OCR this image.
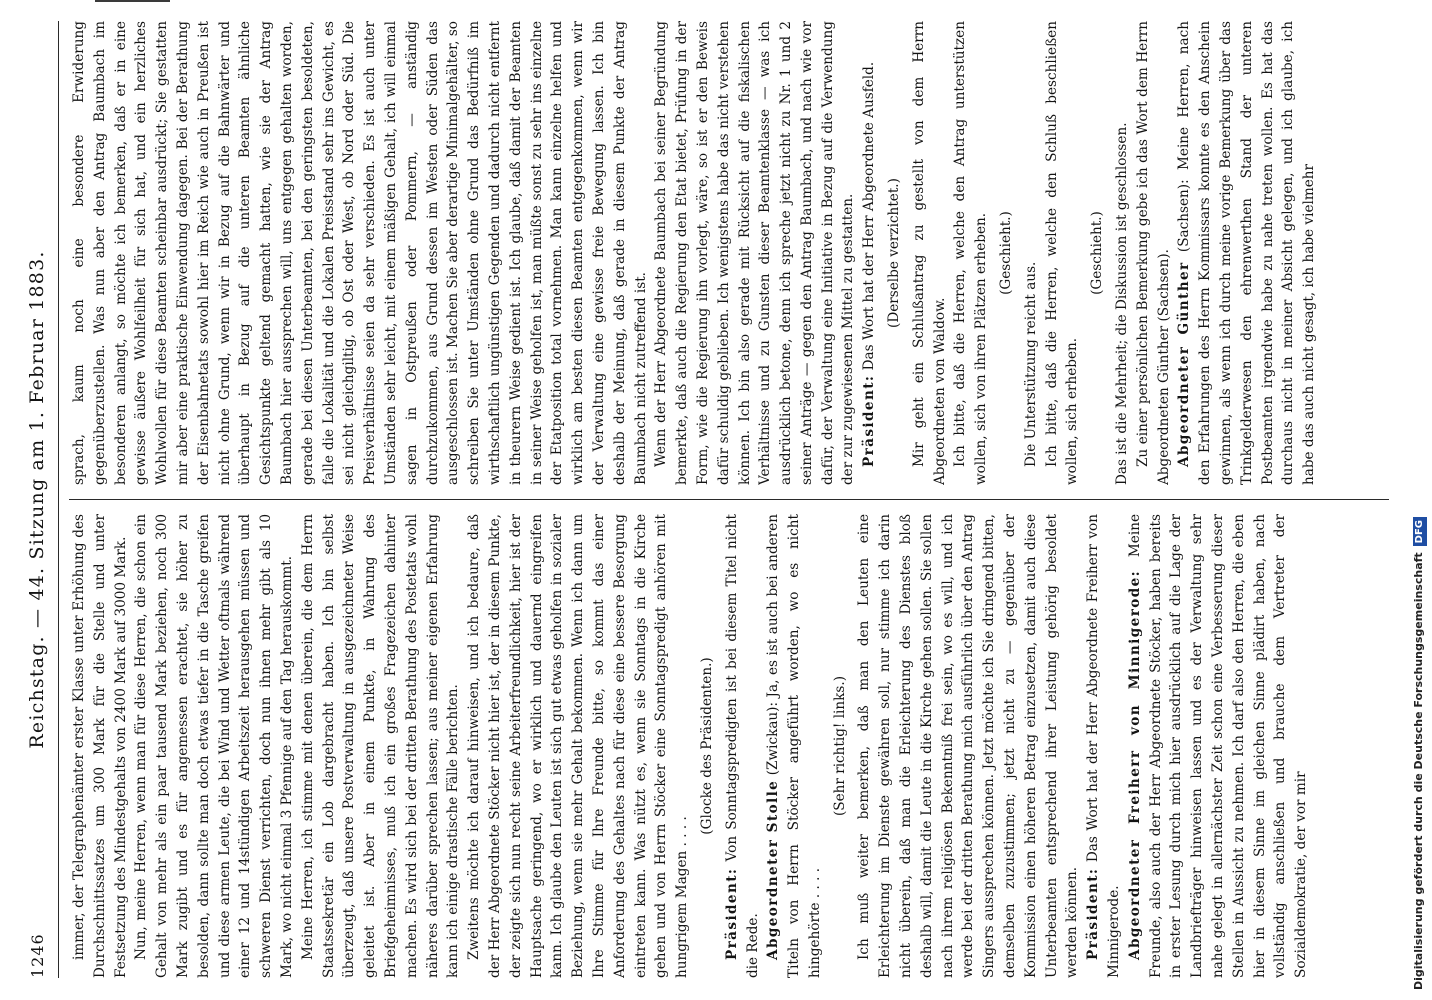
1246
Reichstag. — 44. Sitzung am 1. Februar 1883. immer, der Telegraphenämter erster Klasse unter Erhöhung des Durchschnittssatzes um 300 Mark für die Stelle und unter Festsetzung des Mindestgehalts von 2400 Mark auf 3000 Mark. Nun, meine Herren, wenn man für diese Herren, die schon ein Gehalt von mehr als ein paar tausend Mark beziehen, noch 300 Mark zugibt und es für angemessen erachtet, sie höher zu besolden, dann sollte man doch etwas tiefer in die Tasche greifen und diese armen Leute, die bei Wind und Wetter oftmals während einer 12 und 14stündigen Arbeitszeit herausgehen müssen und schweren Dienst verrichten, doch nun ihnen mehr gibt als 10 Mark, wo nicht einmal 3 Pfennige auf den Tag herauskommt. Meine Herren, ich stimme mit denen überein, die dem Herrn Staatssekretär ein Lob dargebracht haben. Ich bin selbst überzeugt, daß unsere Postverwaltung in ausgezeichneter Weise geleitet ist. Aber in einem Punkte, in Wahrung des Briefgeheimnisses, muß ich ein großes Fragezeichen dahinter machen. Es wird sich bei der dritten Berathung des Postetats wohl näheres darüber sprechen lassen; aus meiner eigenen Erfahrung kann ich einige drastische Fälle berichten. Zweitens möchte ich darauf hinweisen, und ich bedaure, daß der Herr Abgeordnete Stöcker nicht hier ist, der in diesem Punkte, der zeigte sich nun recht seine Arbeiterfreundlichkeit, hier ist der Hauptsache geringend, wo er wirklich und dauernd eingreifen kann. Ich glaube den Leuten ist sich gut etwas geholfen in sozialer Beziehung, wenn sie mehr Gehalt bekommen. Wenn ich dann um Ihre Stimme für Ihre Freunde bitte, so kommt das einer Anforderung des Gehaltes nach für diese eine bessere Besorgung eintreten kann. Was nützt es, wenn sie Sonntags in die Kirche gehen und von Herrn Stöcker eine Sonntagspredigt anhören mit hungrigem Magen . . . .

(Glocke des Präsidenten.)

Präsident: Von Sonntagspredigten ist bei diesem Titel nicht die Rede. Abgeordneter Stolle (Zwickau): Ja, es ist auch bei anderen Titeln von Herrn Stöcker angeführt worden, wo es nicht hingehörte . . . .

(Sehr richtig! links.) Ich muß weiter bemerken, daß man den Leuten eine Erleichterung im Dienste gewähren soll, nur stimme ich darin nicht überein, daß man die Erleichterung des Dienstes bloß deshalb will, damit die Leute in die Kirche gehen sollen. Sie sollen nach ihrem religiösen Bekenntniß frei sein, wo es will, und ich werde bei der dritten Berathung mich ausführlich über den Antrag Singers aussprechen können. Jetzt möchte ich Sie dringend bitten, demselben zuzustimmen; jetzt nicht zu — gegenüber der Kommission einen höheren Betrag einzusetzen, damit auch diese Unterbeamten entsprechend ihrer Leistung gehörig besoldet werden können. Präsident: Das Wort hat der Herr Abgeordnete Freiherr von Minnigerode. Abgeordneter Freiherr von Minnigerode: Meine Freunde, also auch der Herr Abgeordnete Stöcker, haben bereits in erster Lesung durch mich hier ausdrücklich auf die Lage der Landbriefträger hinweisen lassen und es der Verwaltung sehr nahe gelegt in allernächster Zeit schon eine Verbesserung dieser Stellen in Aussicht zu nehmen. Ich darf also den Herren, die eben hier in diesem Sinne im gleichen Sinne plädirt haben, nach vollständig anschließen und brauche dem Vertreter der Sozialdemokratie, der vor mir

sprach, kaum noch eine besondere Erwiderung gegenüberzustellen. Was nun aber den Antrag Baumbach im besonderen anlangt, so möchte ich bemerken, daß er in eine gewisse äußere Wohlfeilheit für sich hat, und ein herzliches Wohlwollen für diese Beamten scheinbar ausdrückt; Sie gestatten mir aber eine praktische Einwendung dagegen. Bei der Berathung der Eisenbahnetats sowohl hier im Reich wie auch in Preußen ist nicht ohne Grund, wenn wir in Bezug auf die Bahnwärter und überhaupt in Bezug auf die unteren Beamten ähnliche Gesichtspunkte geltend gemacht hatten, wie sie der Antrag Baumbach hier aussprechen will, uns entgegen gehalten worden, gerade bei diesen Unterbeamten, bei den geringsten besoldeten, falle die Lokalität und die Lokalen Preisstand sehr ins Gewicht, es sei nicht gleichgiltig, ob Ost oder West, ob Nord oder Süd. Die Preisverhältnisse seien da sehr verschieden. Es ist auch unter Umständen sehr leicht, mit einem mäßigen Gehalt, ich will einmal sagen in Ostpreußen oder Pommern, — anständig durchzukommen, aus Grund dessen im Westen oder Süden das ausgeschlossen ist. Machen Sie aber derartige Minimalgehälter, so schreiben Sie unter Umständen ohne Grund das Bedürfniß im wirthschaftlich ungünstigen Gegenden und dadurch nicht entfernt in theurern Weise gedient ist. Ich glaube, daß damit der Beamten in seiner Weise geholfen ist, man müßte sonst zu sehr ins einzelne der Etatposition total vornehmen. Man kann einzelne helfen und wirklich am besten diesen Beamten entgegenkommen, wenn wir der Verwaltung eine gewisse freie Bewegung lassen. Ich bin deshalb der Meinung, daß gerade in diesem Punkte der Antrag Baumbach nicht zutreffend ist. Wenn der Herr Abgeordnete Baumbach bei seiner Begründung bemerkte, daß auch die Regierung den Etat bietet, Prüfung in der Form, wie die Regierung ihn vorlegt, wäre, so ist er den Beweis dafür schuldig geblieben. Ich wenigstens habe das nicht verstehen können. Ich bin also gerade mit Rücksicht auf die fiskalischen Verhältnisse und zu Gunsten dieser Beamtenklasse — was ich ausdrücklich betone, denn ich spreche jetzt nicht zu Nr. 1 und 2 seiner Anträge — gegen den Antrag Baumbach, und nach wie vor dafür, der Verwaltung eine Initiative in Bezug auf die Verwendung der zur zugewiesenen Mittel zu gestatten. Präsident: Das Wort hat der Herr Abgeordnete Ausfeld. (Derselbe verzichtet.) Mir geht ein Schlußantrag zu gestellt von dem Herrn Abgeordneten von Waldow. Ich bitte, daß die Herren, welche den Antrag unterstützen wollen, sich von ihren Plätzen erheben. (Geschieht.)

Die Unterstützung reicht aus. Ich bitte, daß die Herren, welche den Schluß beschließen wollen, sich erheben.

(Geschieht.) Das ist die Mehrheit; die Diskussion ist geschlossen. Zu einer persönlichen Bemerkung gebe ich das Wort dem Herrn Abgeordneten Günther (Sachsen). Abgeordneter Günther (Sachsen): Meine Herren, nach den Erfahrungen des Herrn Kommissars konnte es den Anschein gewinnen, als wenn ich durch meine vorige Bemerkung über das Trinkgelderwesen den ehrenwerthen Stand der unteren Postbeamten irgendwie habe zu nahe treten wollen. Es hat das durchaus nicht in meiner Absicht gelegen, und ich glaube, ich habe das auch nicht gesagt, ich habe vielmehr

Digitalisierung gefördert durch die Deutsche ForschungsgemeinschaftDFG
